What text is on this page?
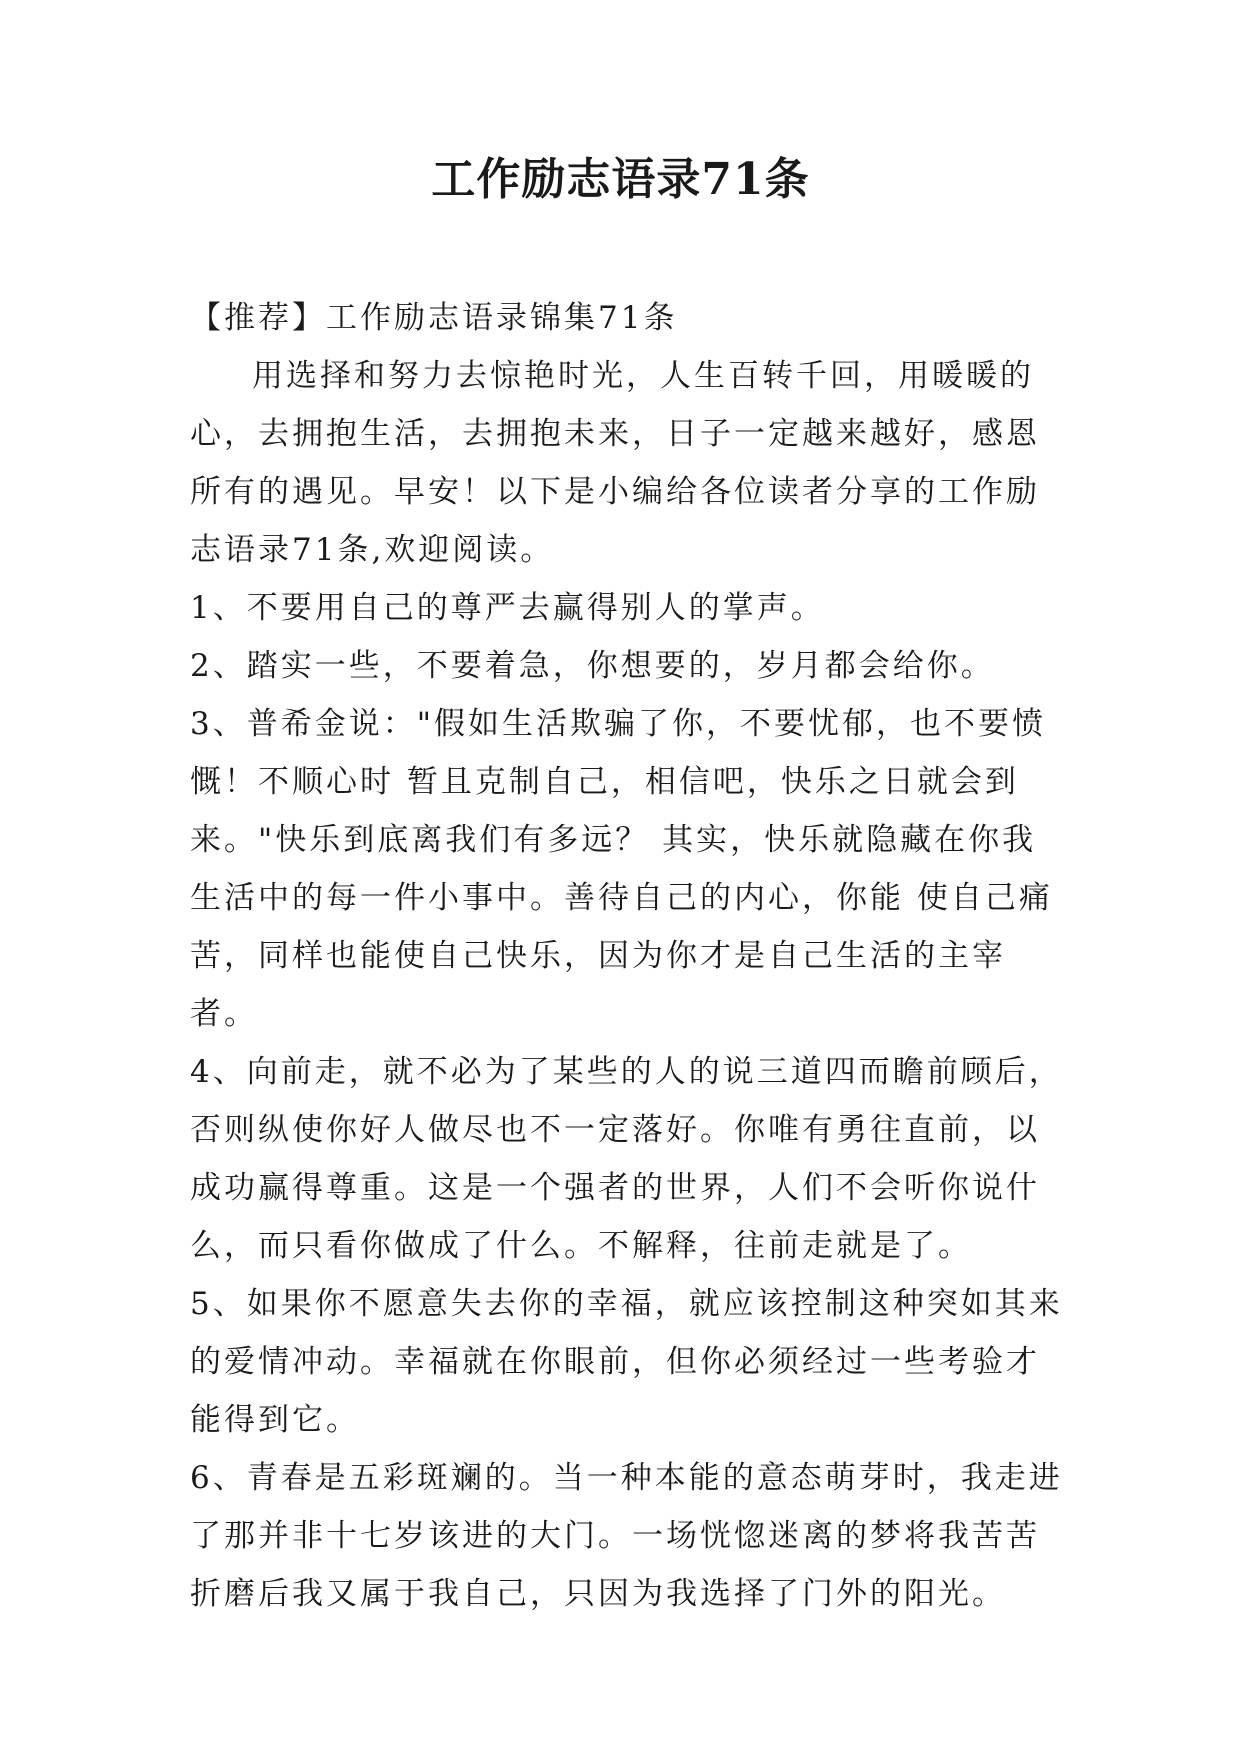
工作励志语录71条

【推荐】工作励志语录锦集71条

用选择和努力去惊艳时光，人生百转千回，用暖暖的心，去拥抱生活，去拥抱未来，日子一定越来越好，感恩所有的遇见。早安！以下是小编给各位读者分享的工作励志语录71条,欢迎阅读。

1、不要用自己的尊严去赢得别人的掌声。

2、踏实一些，不要着急，你想要的，岁月都会给你。

3、普希金说："假如生活欺骗了你，不要忧郁，也不要愤慨！不顺心时 暂且克制自己，相信吧，快乐之日就会到来。"快乐到底离我们有多远？ 其实，快乐就隐藏在你我生活中的每一件小事中。善待自己的内心，你能 使自己痛苦，同样也能使自己快乐，因为你才是自己生活的主宰者。

4、向前走，就不必为了某些的人的说三道四而瞻前顾后，否则纵使你好人做尽也不一定落好。你唯有勇往直前，以成功赢得尊重。这是一个强者的世界，人们不会听你说什么，而只看你做成了什么。不解释，往前走就是了。

5、如果你不愿意失去你的幸福，就应该控制这种突如其来的爱情冲动。幸福就在你眼前，但你必须经过一些考验才能得到它。

6、青春是五彩斑斓的。当一种本能的意态萌芽时，我走进了那并非十七岁该进的大门。一场恍惚迷离的梦将我苦苦折磨后我又属于我自己，只因为我选择了门外的阳光。
